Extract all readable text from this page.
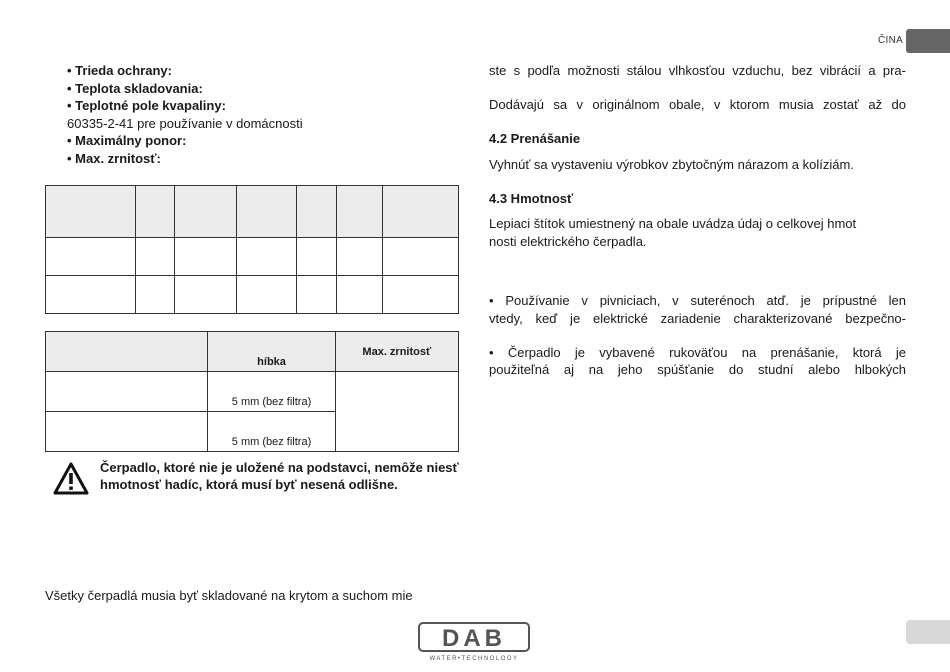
ČINA
• Trieda ochrany:
• Teplota skladovania:
• Teplotné pole kvapaliny:
60335-2-41 pre používanie v domácnosti
• Maximálny ponor:
• Max. zrnitosť:

	híbka	Max. zrnitosť
	5 mm (bez filtra)	
	5 mm (bez filtra)	
Čerpadlo, ktoré nie je uložené na podstavci, nemôže niesť hmotnosť hadíc, ktorá musí byť nesená odlišne.
Všetky čerpadlá musia byť skladované na krytom a suchom mie
ste s podľa možnosti stálou vlhkosťou vzduchu, bez vibrácií a pra-
Dodávajú sa v originálnom obale, v ktorom musia zostať až do
4.2 Prenášanie
Vyhnúť sa vystaveniu výrobkov zbytočným nárazom a kolíziám.
4.3 Hmotnosť
Lepiaci štítok umiestnený na obale uvádza údaj o celkovej hmot
nosti elektrického čerpadla.
• Používanie v pivniciach, v suterénoch atď. je prípustné len
vtedy, keď je elektrické zariadenie charakterizované bezpečno-
• Čerpadlo je vybavené rukoväťou na prenášanie, ktorá je
použiteľná aj na jeho spúšťanie do studní alebo hlbokých
DAB
WATER•TECHNOLOGY
